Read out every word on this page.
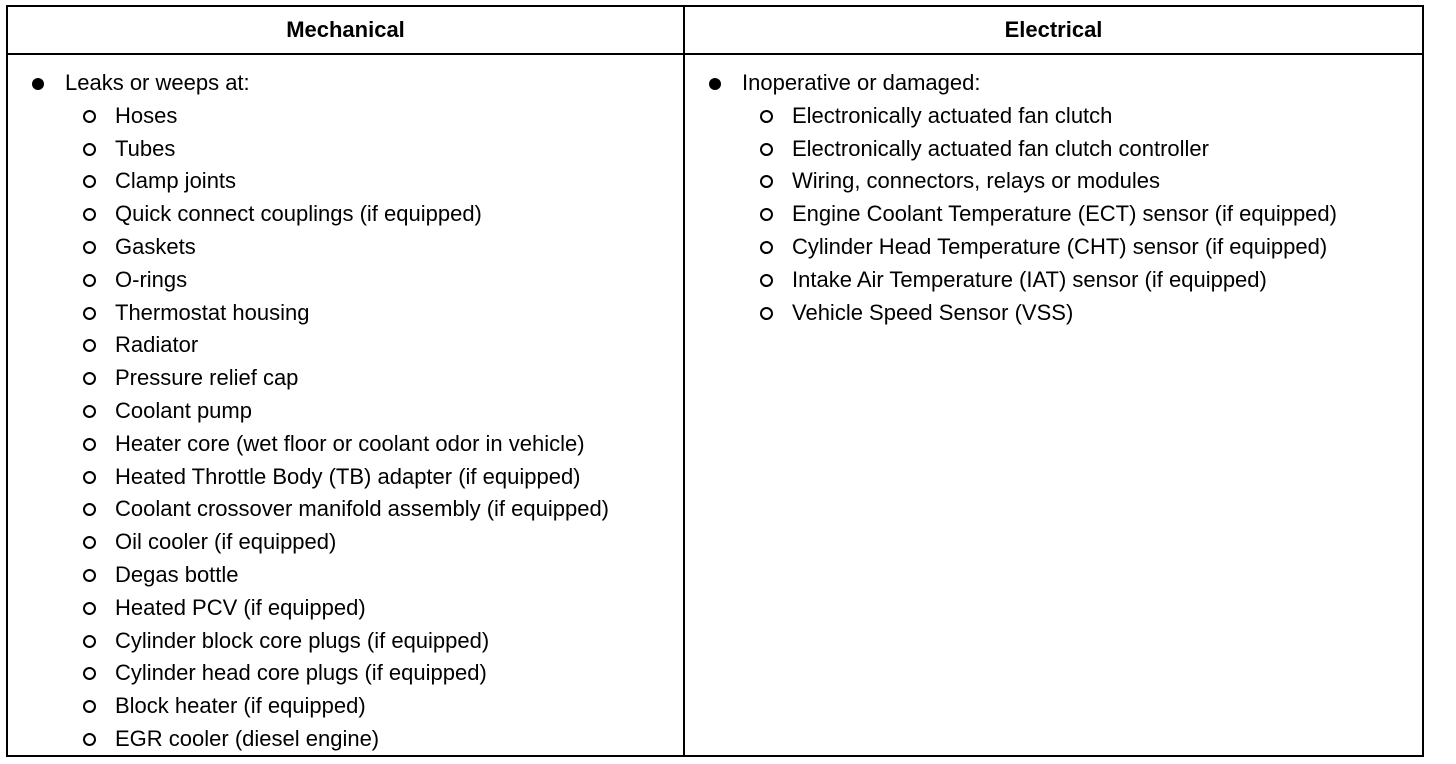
Mechanical	Electrical
Leaks or weeps at:
Hoses
Tubes
Clamp joints
Quick connect couplings (if equipped)
Gaskets
O-rings
Thermostat housing
Radiator
Pressure relief cap
Coolant pump
Heater core (wet floor or coolant odor in vehicle)
Heated Throttle Body (TB) adapter (if equipped)
Coolant crossover manifold assembly (if equipped)
Oil cooler (if equipped)
Degas bottle
Heated PCV (if equipped)
Cylinder block core plugs (if equipped)
Cylinder head core plugs (if equipped)
Block heater (if equipped)
EGR cooler (diesel engine)
Inoperative or damaged:
Electronically actuated fan clutch
Electronically actuated fan clutch controller
Wiring, connectors, relays or modules
Engine Coolant Temperature (ECT) sensor (if equipped)
Cylinder Head Temperature (CHT) sensor (if equipped)
Intake Air Temperature (IAT) sensor (if equipped)
Vehicle Speed Sensor (VSS)
